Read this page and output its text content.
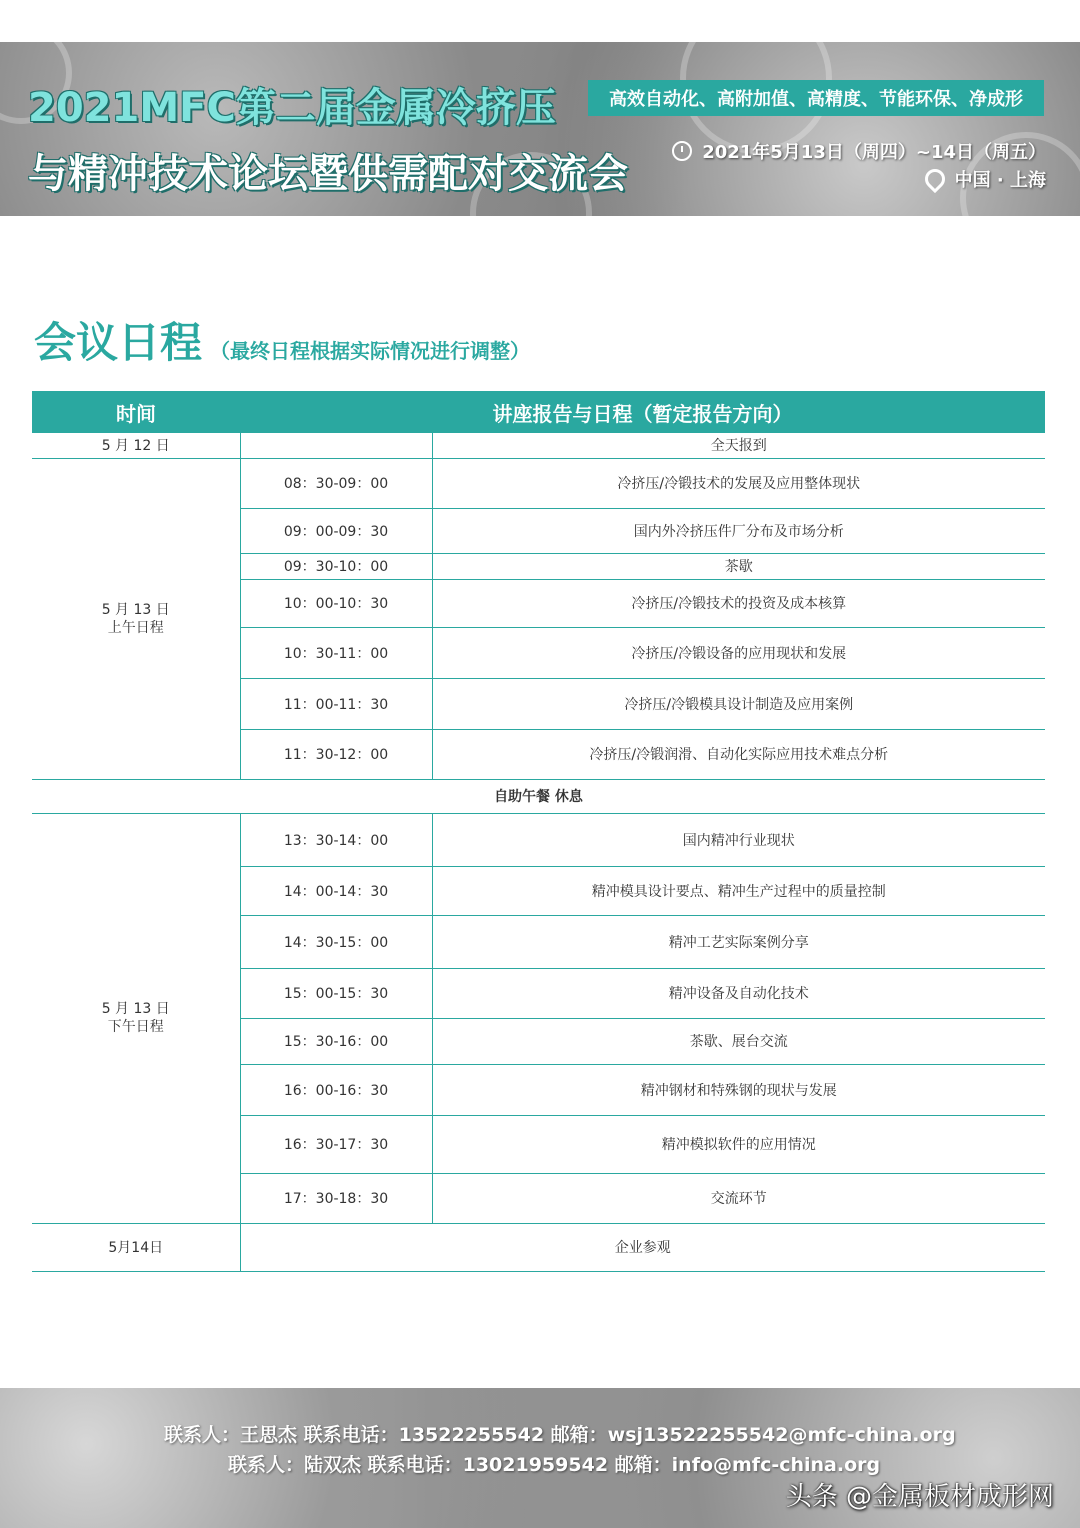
2021MFC第二届金属冷挤压
与精冲技术论坛暨供需配对交流会
高效自动化、高附加值、高精度、节能环保、净成形
2021年5月13日（周四）~14日（周五）
中国 · 上海
会议日程 （最终日程根据实际情况进行调整）
时间	讲座报告与日程（暂定报告方向）	
5 月 12 日		全天报到

5 月 13 日
上午日程	08：30-09：00	冷挤压/冷锻技术的发展及应用整体现状
	09：00-09：30	国内外冷挤压件厂分布及市场分析
	09：30-10：00	茶歇
	10：00-10：30	冷挤压/冷锻技术的投资及成本核算
	10：30-11：00	冷挤压/冷锻设备的应用现状和发展
	11：00-11：30	冷挤压/冷锻模具设计制造及应用案例
	11：30-12：00	冷挤压/冷锻润滑、自动化实际应用技术难点分析
自助午餐 休息		

5 月 13 日
下午日程	13：30-14：00	国内精冲行业现状
	14：00-14：30	精冲模具设计要点、精冲生产过程中的质量控制
	14：30-15：00	精冲工艺实际案例分享
	15：00-15：30	精冲设备及自动化技术
	15：30-16：00	茶歇、展台交流
	16：00-16：30	精冲钢材和特殊钢的现状与发展
	16：30-17：30	精冲模拟软件的应用情况
	17：30-18：30	交流环节
5月14日	企业参观	
联系人：王思杰 联系电话：13522255542 邮箱：wsj13522255542@mfc-china.org
联系人：陆双杰 联系电话：13021959542 邮箱：info@mfc-china.org
头条 @金属板材成形网
